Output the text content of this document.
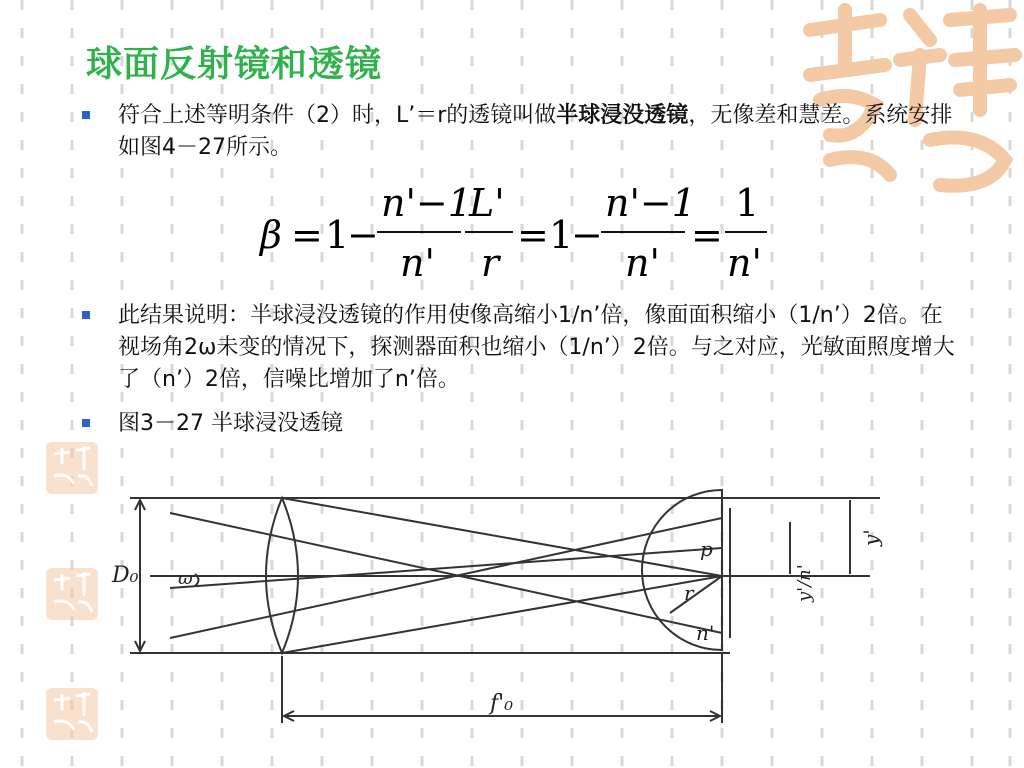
球面反射镜和透镜
符合上述等明条件（2）时，L’＝r的透镜叫做半球浸没透镜，无像差和慧差。系统安排如图4－27所示。
β = 1
−
n'−1
n'
L'
r
= 1
−
n'−1
n'
=
1
n'
此结果说明：半球浸没透镜的作用使像高缩小1/n’倍，像面面积缩小（1/n’）2倍。在视场角2ω未变的情况下，探测器面积也缩小（1/n’）2倍。与之对应，光敏面照度增大了（n’）2倍，信噪比增加了n’倍。
图3－27 半球浸没透镜
D₀ ω
p
r
n'
y'
y'/n'
f'₀
